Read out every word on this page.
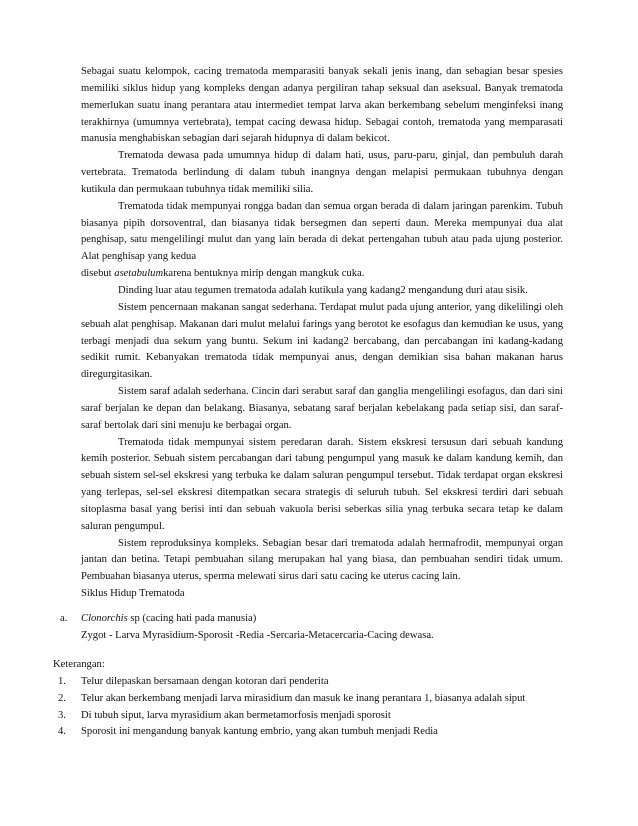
Sebagai suatu kelompok, cacing trematoda memparasiti banyak sekali jenis inang, dan sebagian besar spesies memiliki siklus hidup yang kompleks dengan adanya pergiliran tahap seksual dan aseksual. Banyak trematoda memerlukan suatu inang perantara atau intermediet tempat larva akan berkembang sebelum menginfeksi inang terakhirnya (umumnya vertebrata), tempat cacing dewasa hidup. Sebagai contoh, trematoda yang memparasati manusia menghabiskan sebagian dari sejarah hidupnya di dalam bekicot.

Trematoda dewasa pada umumnya hidup di dalam hati, usus, paru-paru, ginjal, dan pembuluh darah vertebrata. Trematoda berlindung di dalam tubuh inangnya dengan melapisi permukaan tubuhnya dengan kutikula dan permukaan tubuhnya tidak memiliki silia.

Trematoda tidak mempunyai rongga badan dan semua organ berada di dalam jaringan parenkim. Tubuh biasanya pipih dorsoventral, dan biasanya tidak bersegmen dan seperti daun. Mereka mempunyai dua alat penghisap, satu mengelilingi mulut dan yang lain berada di dekat pertengahan tubuh atau pada ujung posterior. Alat penghisap yang kedua

disebut asetabulumkarena bentuknya mirip dengan mangkuk cuka.

Dinding luar atau tegumen trematoda adalah kutikula yang kadang2 mengandung duri atau sisik.

Sistem pencernaan makanan sangat sederhana. Terdapat mulut pada ujung anterior, yang dikelilingi oleh sebuah alat penghisap. Makanan dari mulut melalui farings yang berotot ke esofagus dan kemudian ke usus, yang terbagi menjadi dua sekum yang buntu. Sekum ini kadang2 bercabang, dan percabangan ini kadang-kadang sedikit rumit. Kebanyakan trematoda tidak mempunyai anus, dengan demikian sisa bahan makanan harus diregurgitasikan.

Sistem saraf adalah sederhana. Cincin dari serabut saraf dan ganglia mengelilingi esofagus, dan dari sini saraf berjalan ke depan dan belakang. Biasanya, sebatang saraf berjalan kebelakang pada setiap sisi, dan saraf-saraf bertolak dari sini menuju ke berbagai organ.

Trematoda tidak mempunyai sistem peredaran darah. Sistem ekskresi tersusun dari sebuah kandung kemih posterior. Sebuah sistem percabangan dari tabung pengumpul yang masuk ke dalam kandung kemih, dan sebuah sistem sel-sel ekskresi yang terbuka ke dalam saluran pengumpul tersebut. Tidak terdapat organ ekskresi yang terlepas, sel-sel ekskresi ditempatkan secara strategis di seluruh tubuh. Sel ekskresi terdiri dari sebuah sitoplasma basal yang berisi inti dan sebuah vakuola berisi seberkas silia ynag terbuka secara tetap ke dalam saluran pengumpul.

Sistem reproduksinya kompleks. Sebagian besar dari trematoda adalah hermafrodit, mempunyai organ jantan dan betina. Tetapi pembuahan silang merupakan hal yang biasa, dan pembuahan sendiri tidak umum. Pembuahan biasanya uterus, sperma melewati sirus dari satu cacing ke uterus cacing lain.

Siklus Hidup Trematoda

a. Clonorchis sp (cacing hati pada manusia)

Zygot - Larva Myrasidium-Sporosit -Redia -Sercaria-Metacercaria-Cacing dewasa.

Keterangan:

1.	Telur dilepaskan bersamaan dengan kotoran dari penderita
2.	Telur akan berkembang menjadi larva mirasidium dan masuk ke inang perantara 1, biasanya adalah siput
3.	Di tubuh siput, larva myrasidium akan bermetamorfosis menjadi sporosit
4.	Sporosit ini mengandung banyak kantung embrio, yang akan tumbuh menjadi Redia
